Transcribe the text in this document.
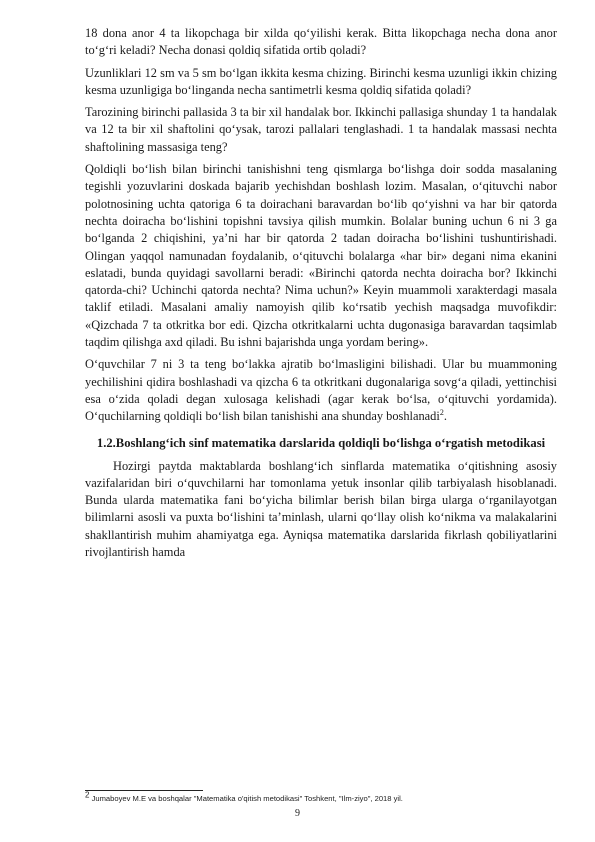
18 dona anor 4 ta likopchaga bir xilda qo‘yilishi kerak. Bitta likopchaga necha dona anor to‘g‘ri keladi? Necha donasi qoldiq sifatida ortib qoladi?

Uzunliklari 12 sm va 5 sm bo‘lgan ikkita kesma chizing. Birinchi kesma uzunligi ikkin chizing kesma uzunligiga bo‘linganda necha santimetrli kesma qoldiq sifatida qoladi?

Tarozining birinchi pallasida 3 ta bir xil handalak bor. Ikkinchi pallasiga shunday 1 ta handalak va 12 ta bir xil shaftolini qo‘ysak, tarozi pallalari tenglashadi. 1 ta handalak massasi nechta shaftolining massasiga teng?

Qoldiqli bo‘lish bilan birinchi tanishishni teng qismlarga bo‘lishga doir sodda masalaning tegishli yozuvlarini doskada bajarib yechishdan boshlash lozim. Masalan, o‘qituvchi nabor polotnosining uchta qatoriga 6 ta doirachani baravardan bo‘lib qo‘yishni va har bir qatorda nechta doiracha bo‘lishini topishni tavsiya qilish mumkin. Bolalar buning uchun 6 ni 3 ga bo‘lganda 2 chiqishini, ya’ni har bir qatorda 2 tadan doiracha bo‘lishini tushuntirishadi. Olingan yaqqol namunadan foydalanib, o‘qituvchi bolalarga «har bir» degani nima ekanini eslatadi, bunda quyidagi savollarni beradi: «Birinchi qatorda nechta doiracha bor? Ikkinchi qatorda-chi? Uchinchi qatorda nechta? Nima uchun?» Keyin muammoli xarakterdagi masala taklif etiladi. Masalani amaliy namoyish qilib ko‘rsatib yechish maqsadga muvofikdir: «Qizchada 7 ta otkritka bor edi. Qizcha otkritkalarni uchta dugonasiga baravardan taqsimlab taqdim qilishga axd qiladi. Bu ishni bajarishda unga yordam bering».

O‘quvchilar 7 ni 3 ta teng bo‘lakka ajratib bo‘lmasligini bilishadi. Ular bu muammoning yechilishini qidira boshlashadi va qizcha 6 ta otkritkani dugonalariga sovg‘a qiladi, yettinchisi esa o‘zida qoladi degan xulosaga kelishadi (agar kerak bo‘lsa, o‘qituvchi yordamida). O‘quchilarning qoldiqli bo‘lish bilan tanishishi ana shunday boshlanadi$^2$.

1.2.Boshlang‘ich sinf matematika darslarida qoldiqli bo‘lishga o‘rgatish metodikasi

Hozirgi paytda maktablarda boshlang‘ich sinflarda matematika o‘qitishning asosiy vazifalaridan biri o‘quvchilarni har tomonlama yetuk insonlar qilib tarbiyalash hisoblanadi. Bunda ularda matematika fani bo‘yicha bilimlar berish bilan birga ularga o‘rganilayotgan bilimlarni asosli va puxta bo‘lishini ta’minlash, ularni qo‘llay olish ko‘nikma va malakalarini shakllantirish muhim ahamiyatga ega. Ayniqsa matematika darslarida fikrlash qobiliyatlarini rivojlantirish hamda

$^2$ Jumaboyev M.E va boshqalar "Matematika o'qitish metodikasi" Toshkent, "Ilm-ziyo", 2018 yil.
9
